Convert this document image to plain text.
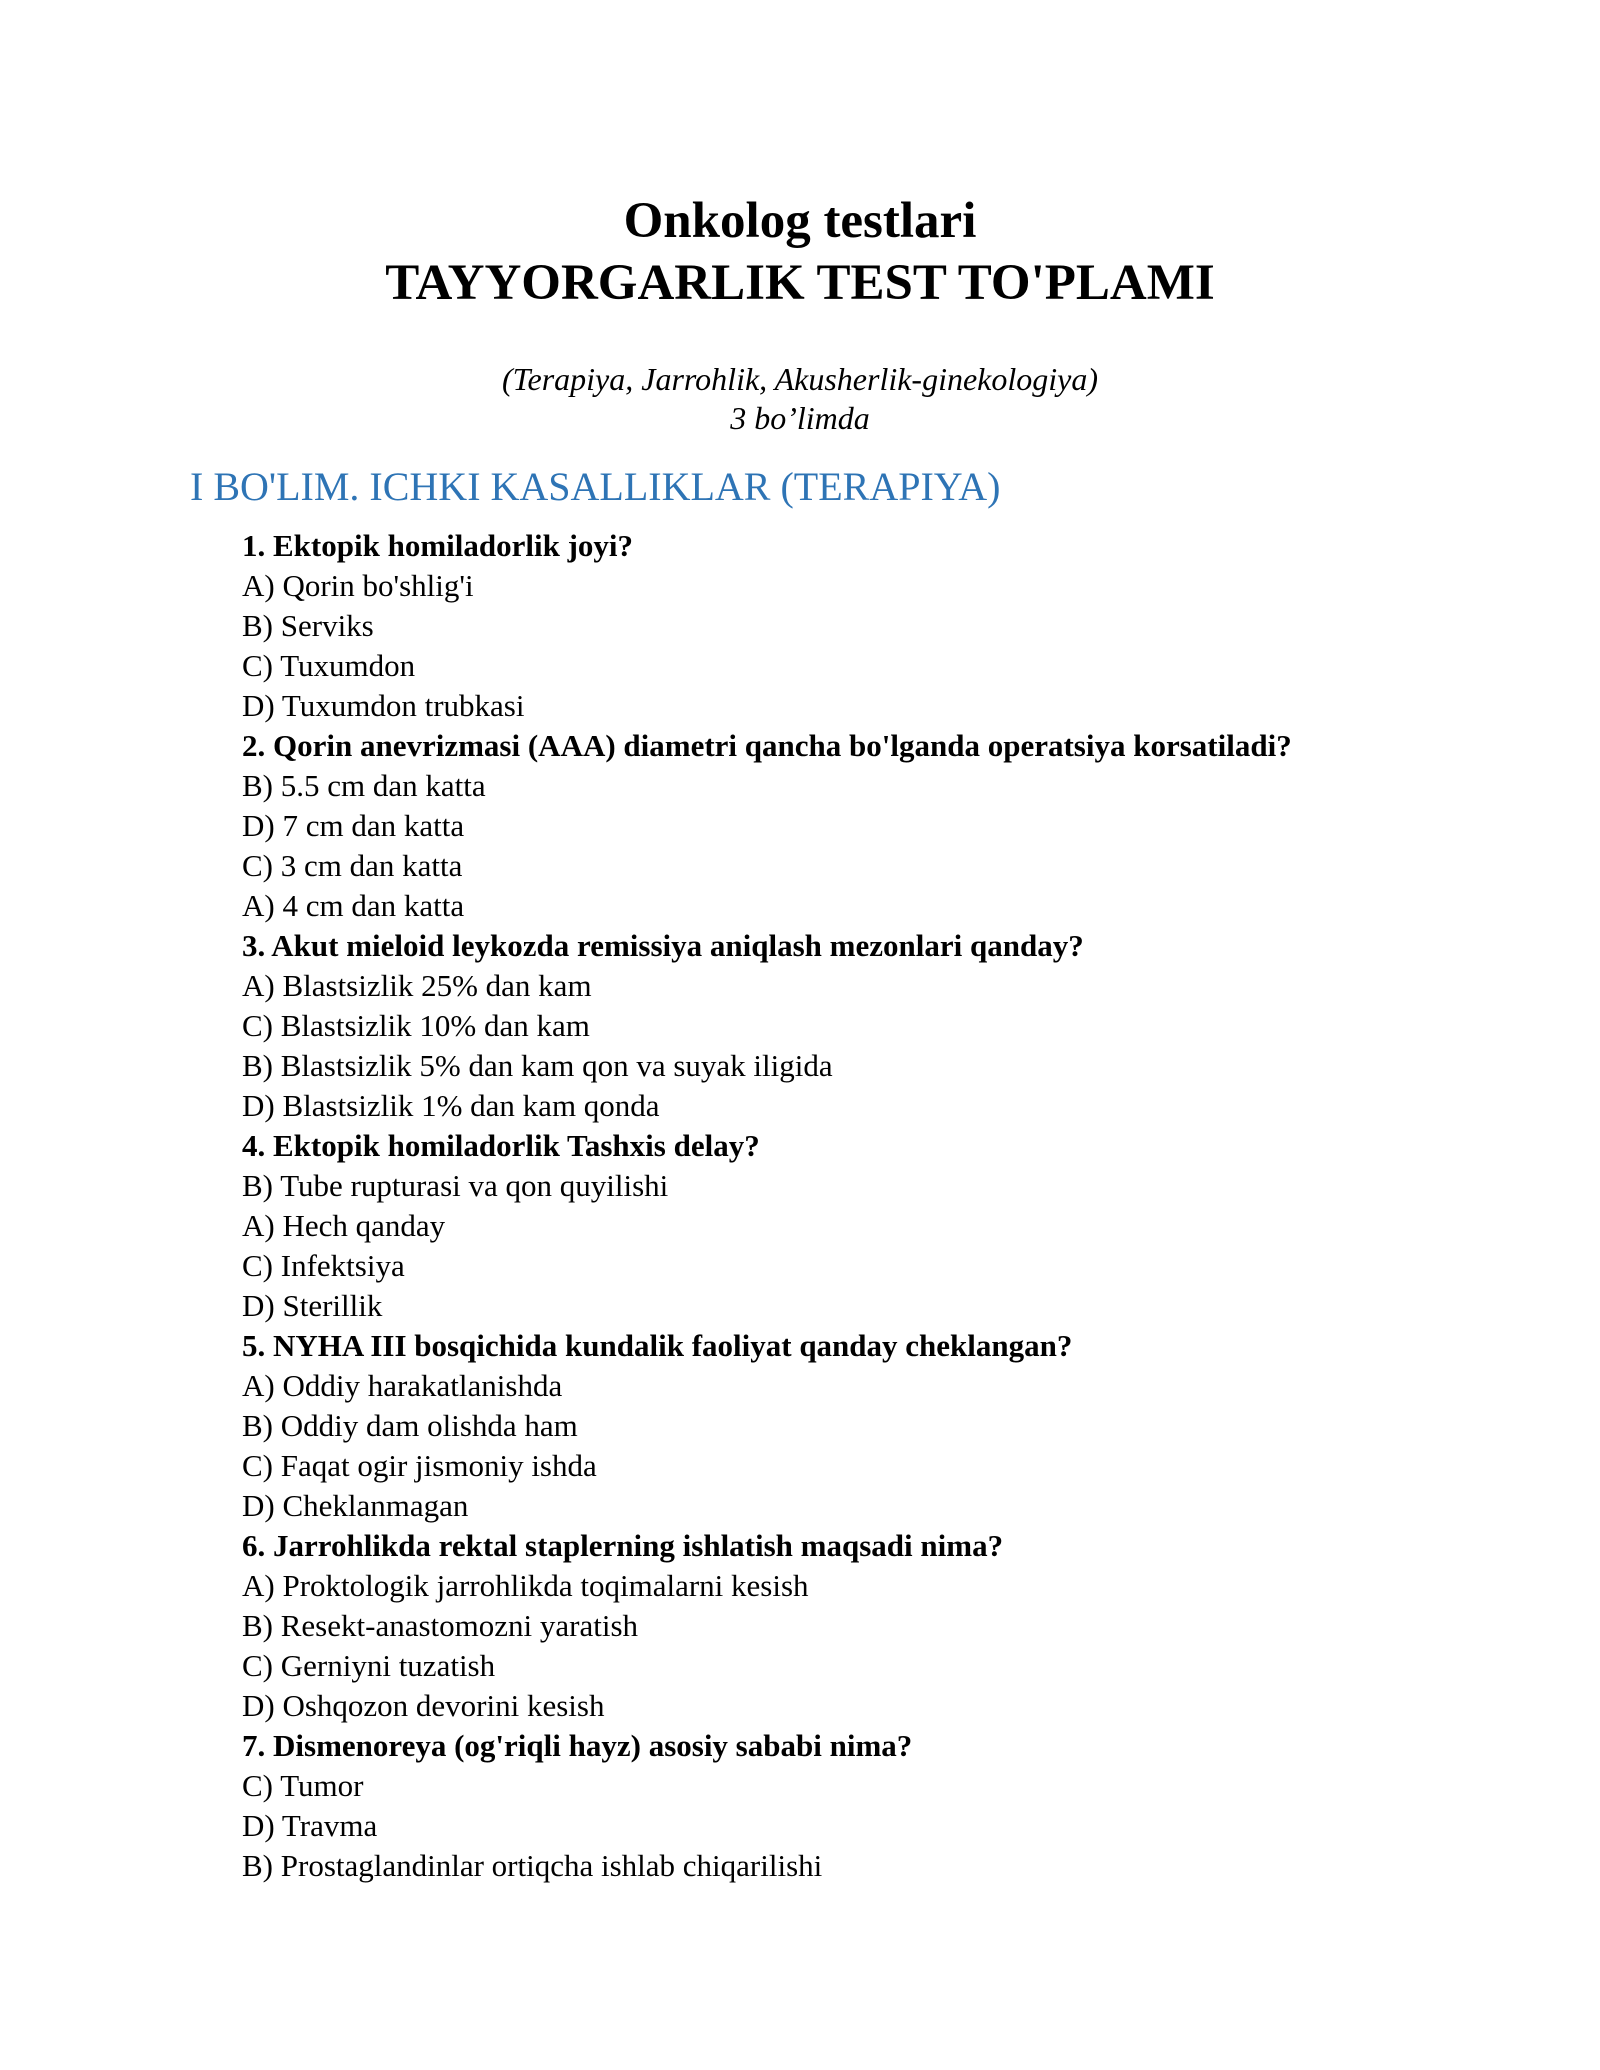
Onkolog testlari
TAYYORGARLIK TEST TO'PLAMI
(Terapiya, Jarrohlik, Akusherlik-ginekologiya)
3 bo’limda
I BO'LIM. ICHKI KASALLIKLAR (TERAPIYA)
1. Ektopik homiladorlik joyi?
A) Qorin bo'shlig'i
B) Serviks
C) Tuxumdon
D) Tuxumdon trubkasi
2. Qorin anevrizmasi (AAA) diametri qancha bo'lganda operatsiya korsatiladi?
B) 5.5 cm dan katta
D) 7 cm dan katta
C) 3 cm dan katta
A) 4 cm dan katta
3. Akut mieloid leykozda remissiya aniqlash mezonlari qanday?
A) Blastsizlik 25% dan kam
C) Blastsizlik 10% dan kam
B) Blastsizlik 5% dan kam qon va suyak iligida
D) Blastsizlik 1% dan kam qonda
4. Ektopik homiladorlik Tashxis delay?
B) Tube rupturasi va qon quyilishi
A) Hech qanday
C) Infektsiya
D) Sterillik
5. NYHA III bosqichida kundalik faoliyat qanday cheklangan?
A) Oddiy harakatlanishda
B) Oddiy dam olishda ham
C) Faqat ogir jismoniy ishda
D) Cheklanmagan
6. Jarrohlikda rektal staplerning ishlatish maqsadi nima?
A) Proktologik jarrohlikda toqimalarni kesish
B) Resekt-anastomozni yaratish
C) Gerniyni tuzatish
D) Oshqozon devorini kesish
7. Dismenoreya (og'riqli hayz) asosiy sababi nima?
C) Tumor
D) Travma
B) Prostaglandinlar ortiqcha ishlab chiqarilishi
